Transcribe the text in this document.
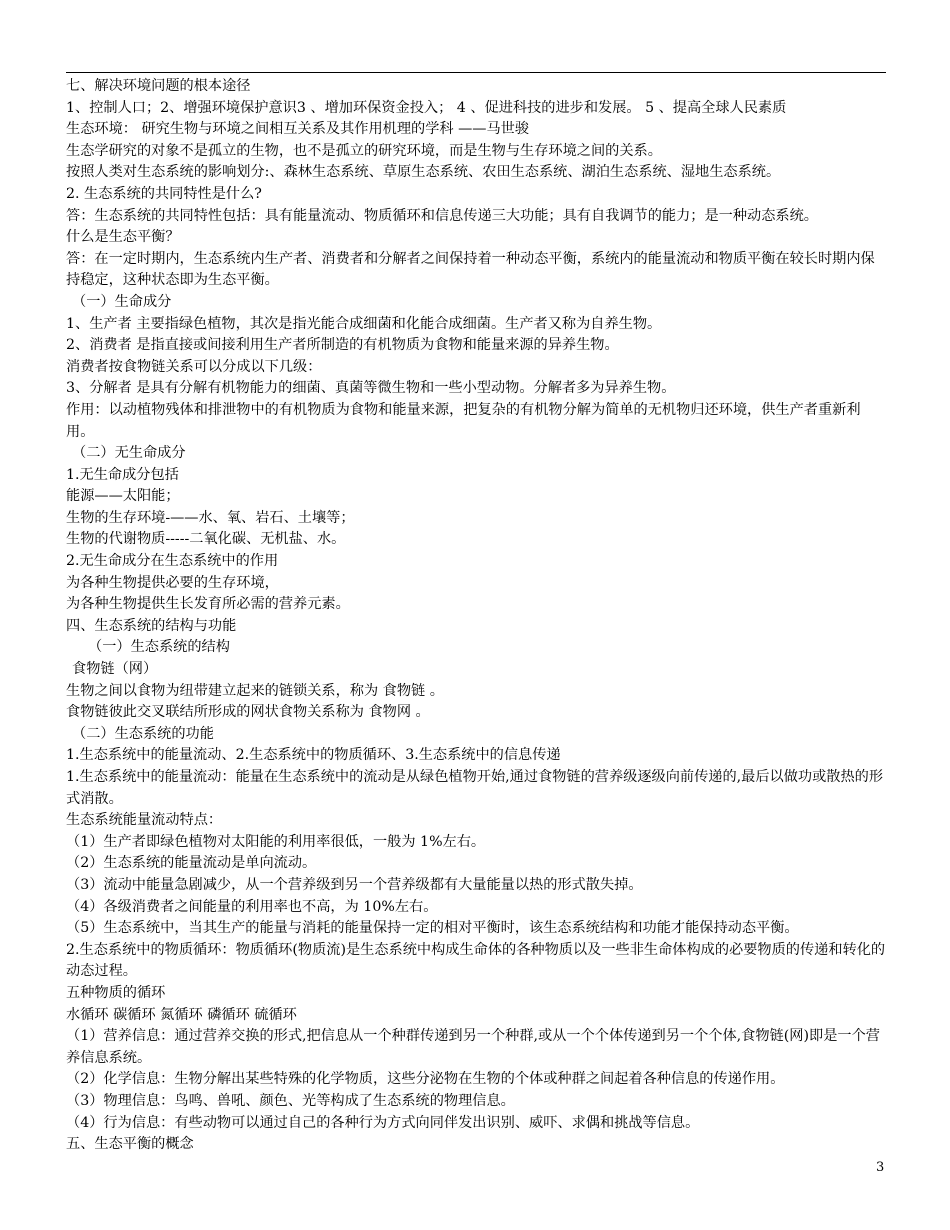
七、解决环境问题的根本途径

1、控制人口；2、增强环境保护意识3 、增加环保资金投入； 4 、促进科技的进步和发展。 5 、提高全球人民素质

生态环境： 研究生物与环境之间相互关系及其作用机理的学科 ——马世骏

生态学研究的对象不是孤立的生物，也不是孤立的研究环境，而是生物与生存环境之间的关系。

按照人类对生态系统的影响划分:、森林生态系统、草原生态系统、农田生态系统、湖泊生态系统、湿地生态系统。

2. 生态系统的共同特性是什么?

答：生态系统的共同特性包括：具有能量流动、物质循环和信息传递三大功能；具有自我调节的能力；是一种动态系统。

什么是生态平衡？

答：在一定时期内，生态系统内生产者、消费者和分解者之间保持着一种动态平衡，系统内的能量流动和物质平衡在较长时期内保持稳定，这种状态即为生态平衡。

（一）生命成分

1、生产者 主要指绿色植物，其次是指光能合成细菌和化能合成细菌。生产者又称为自养生物。

2、消费者 是指直接或间接利用生产者所制造的有机物质为食物和能量来源的异养生物。

消费者按食物链关系可以分成以下几级：

3、分解者 是具有分解有机物能力的细菌、真菌等微生物和一些小型动物。分解者多为异养生物。

作用：以动植物残体和排泄物中的有机物质为食物和能量来源，把复杂的有机物分解为简单的无机物归还环境，供生产者重新利用。

（二）无生命成分

1.无生命成分包括

能源——太阳能；

生物的生存环境-——水、氧、岩石、土壤等；

生物的代谢物质-----二氧化碳、无机盐、水。

2.无生命成分在生态系统中的作用

为各种生物提供必要的生存环境，

为各种生物提供生长发育所必需的营养元素。

四、生态系统的结构与功能

（一）生态系统的结构

食物链（网）

生物之间以食物为纽带建立起来的链锁关系，称为 食物链 。

食物链彼此交叉联结所形成的网状食物关系称为 食物网 。

（二）生态系统的功能

1.生态系统中的能量流动、2.生态系统中的物质循环、3.生态系统中的信息传递

1.生态系统中的能量流动：能量在生态系统中的流动是从绿色植物开始,通过食物链的营养级逐级向前传递的,最后以做功或散热的形式消散。

生态系统能量流动特点：

（1）生产者即绿色植物对太阳能的利用率很低，一般为 1%左右。

（2）生态系统的能量流动是单向流动。

（3）流动中能量急剧减少，从一个营养级到另一个营养级都有大量能量以热的形式散失掉。

（4）各级消费者之间能量的利用率也不高，为 10%左右。

（5）生态系统中，当其生产的能量与消耗的能量保持一定的相对平衡时，该生态系统结构和功能才能保持动态平衡。

2.生态系统中的物质循环：物质循环(物质流)是生态系统中构成生命体的各种物质以及一些非生命体构成的必要物质的传递和转化的动态过程。

五种物质的循环

水循环 碳循环 氮循环 磷循环 硫循环

（1）营养信息：通过营养交换的形式,把信息从一个种群传递到另一个种群,或从一个个体传递到另一个个体,食物链(网)即是一个营养信息系统。

（2）化学信息：生物分解出某些特殊的化学物质，这些分泌物在生物的个体或种群之间起着各种信息的传递作用。

（3）物理信息：鸟鸣、兽吼、颜色、光等构成了生态系统的物理信息。

（4）行为信息：有些动物可以通过自己的各种行为方式向同伴发出识别、威吓、求偶和挑战等信息。

五、生态平衡的概念

3
